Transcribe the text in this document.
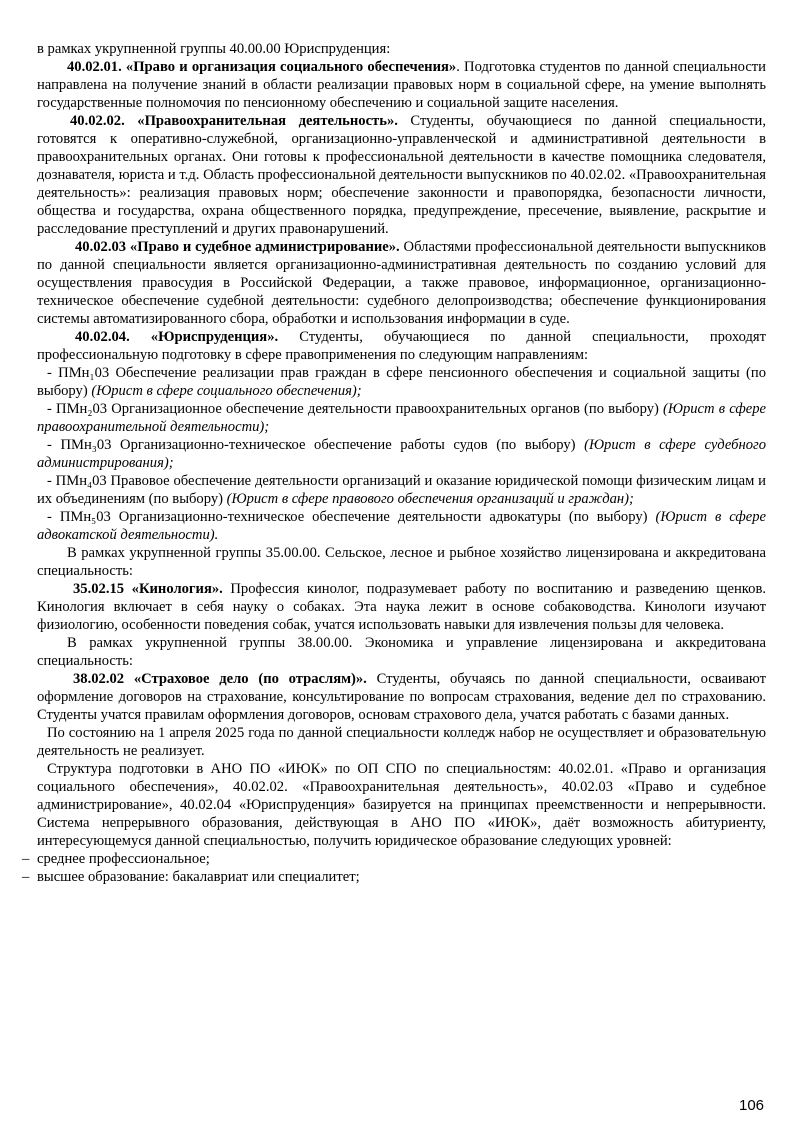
в рамках укрупненной группы 40.00.00 Юриспруденция:

40.02.01. «Право и организация социального обеспечения». Подготовка студентов по данной специальности направлена на получение знаний в области реализации правовых норм в социальной сфере, на умение выполнять государственные полномочия по пенсионному обеспечению и социальной защите населения.

40.02.02. «Правоохранительная деятельность». Студенты, обучающиеся по данной специальности, готовятся к оперативно-служебной, организационно-управленческой и административной деятельности в правоохранительных органах. Они готовы к профессиональной деятельности в качестве помощника следователя, дознавателя, юриста и т.д. Область профессиональной деятельности выпускников по 40.02.02. «Правоохранительная деятельность»: реализация правовых норм; обеспечение законности и правопорядка, безопасности личности, общества и государства, охрана общественного порядка, предупреждение, пресечение, выявление, раскрытие и расследование преступлений и других правонарушений.

40.02.03 «Право и судебное администрирование». Областями профессиональной деятельности выпускников по данной специальности является организационно-административная деятельность по созданию условий для осуществления правосудия в Российской Федерации, а также правовое, информационное, организационно-техническое обеспечение судебной деятельности: судебного делопроизводства; обеспечение функционирования системы автоматизированного сбора, обработки и использования информации в суде.

40.02.04. «Юриспруденция». Студенты, обучающиеся по данной специальности, проходят профессиональную подготовку в сфере правоприменения по следующим направлениям:

- ПМн₁03 Обеспечение реализации прав граждан в сфере пенсионного обеспечения и социальной защиты (по выбору) (Юрист в сфере социального обеспечения);

- ПМн₂03 Организационное обеспечение деятельности правоохранительных органов (по выбору) (Юрист в сфере правоохранительной деятельности);

- ПМн₃03 Организационно-техническое обеспечение работы судов (по выбору) (Юрист в сфере судебного администрирования);

- ПМн₄03 Правовое обеспечение деятельности организаций и оказание юридической помощи физическим лицам и их объединениям (по выбору) (Юрист в сфере правового обеспечения организаций и граждан);

- ПМн₅03 Организационно-техническое обеспечение деятельности адвокатуры (по выбору) (Юрист в сфере адвокатской деятельности).

В рамках укрупненной группы 35.00.00. Сельское, лесное и рыбное хозяйство лицензирована и аккредитована специальность:

35.02.15 «Кинология». Профессия кинолог, подразумевает работу по воспитанию и разведению щенков. Кинология включает в себя науку о собаках. Эта наука лежит в основе собаководства. Кинологи изучают физиологию, особенности поведения собак, учатся использовать навыки для извлечения пользы для человека.

В рамках укрупненной группы 38.00.00. Экономика и управление лицензирована и аккредитована специальность:

38.02.02 «Страховое дело (по отраслям)». Студенты, обучаясь по данной специальности, осваивают оформление договоров на страхование, консультирование по вопросам страхования, ведение дел по страхованию. Студенты учатся правилам оформления договоров, основам страхового дела, учатся работать с базами данных.

По состоянию на 1 апреля 2025 года по данной специальности колледж набор не осуществляет и образовательную деятельность не реализует.

Структура подготовки в АНО ПО «ИЮК» по ОП СПО по специальностям: 40.02.01. «Право и организация социального обеспечения», 40.02.02. «Правоохранительная деятельность», 40.02.03 «Право и судебное администрирование», 40.02.04 «Юриспруденция» базируется на принципах преемственности и непрерывности. Система непрерывного образования, действующая в АНО ПО «ИЮК», даёт возможность абитуриенту, интересующемуся данной специальностью, получить юридическое образование следующих уровней:

– среднее профессиональное;

– высшее образование: бакалавриат или специалитет;

106
